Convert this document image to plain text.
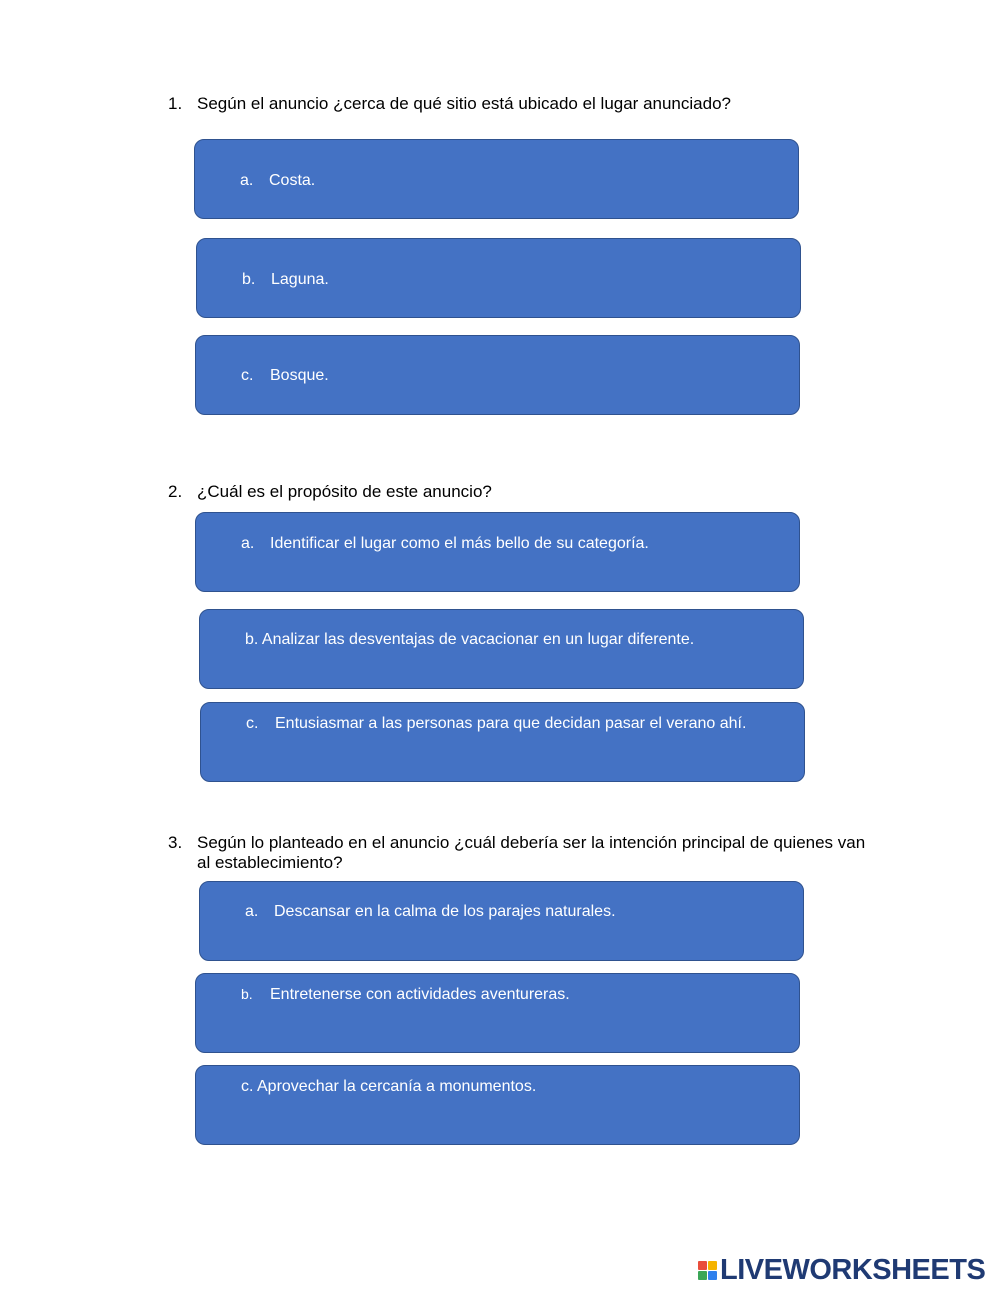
1. Según el anuncio ¿cerca de qué sitio está ubicado el lugar anunciado?
a. Costa.
b. Laguna.
c.	Bosque.
2. ¿Cuál es el propósito de este anuncio?
a. Identificar el lugar como el más bello de su categoría.
b. Analizar las desventajas de vacacionar en un lugar diferente.
c.	Entusiasmar a las personas para que decidan pasar el verano ahí.
3. Según lo planteado en el anuncio ¿cuál debería ser la intención principal de quienes van al establecimiento?
a. Descansar en la calma de los parajes naturales.
b.	Entretenerse con actividades aventureras.
c. Aprovechar la cercanía a monumentos.
LIVEWORKSHEETS
